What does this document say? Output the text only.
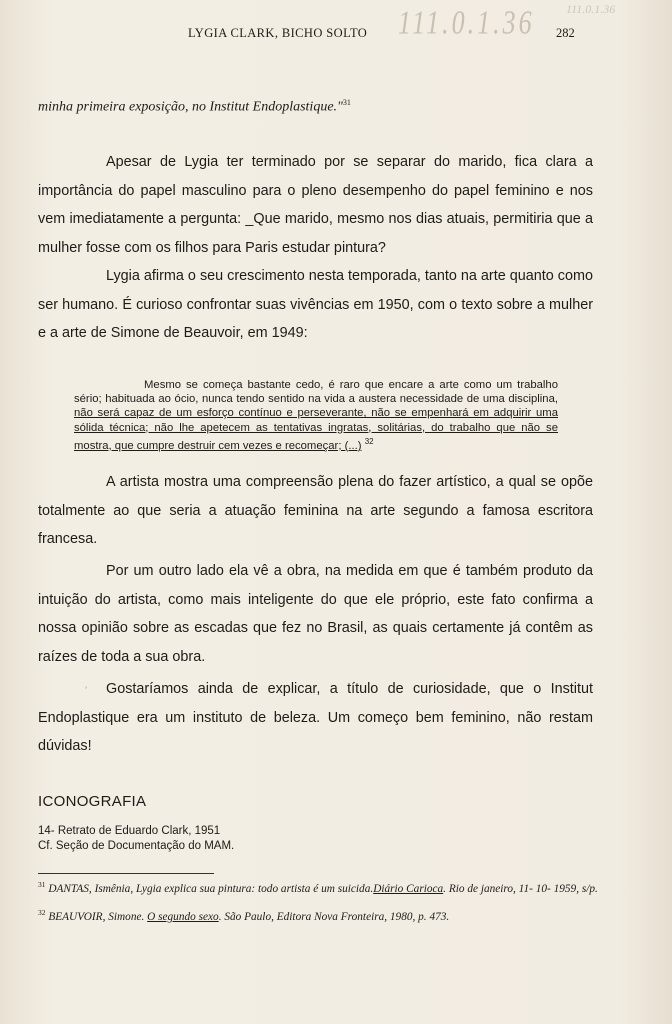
LYGIA CLARK, BICHO SOLTO	282
111.0.1.36	111.0.1.36
minha primeira exposição, no Institut Endoplastique."$^{31}$

Apesar de Lygia ter terminado por se separar do marido, fica clara a importância do papel masculino para o pleno desempenho do papel feminino e nos vem imediatamente a pergunta: _Que marido, mesmo nos dias atuais, permitiria que a mulher fosse com os filhos para Paris estudar pintura?

Lygia afirma o seu crescimento nesta temporada, tanto na arte quanto como ser humano. É curioso confrontar suas vivências em 1950, com o texto sobre a mulher e a arte de Simone de Beauvoir, em 1949:

Mesmo se começa bastante cedo, é raro que encare a arte como um trabalho sério; habituada ao ócio, nunca tendo sentido na vida a austera necessidade de uma disciplina, não será capaz de um esforço contínuo e perseverante, não se empenhará em adquirir uma sólida técnica; não lhe apetecem as tentativas ingratas, solitárias, do trabalho que não se mostra, que cumpre destruir cem vezes e recomeçar; (...) $^{32}$

A artista mostra uma compreensão plena do fazer artístico, a qual se opõe totalmente ao que seria a atuação feminina na arte segundo a famosa escritora francesa.

Por um outro lado ela vê a obra, na medida em que é também produto da intuição do artista, como mais inteligente do que ele próprio, este fato confirma a nossa opinião sobre as escadas que fez no Brasil, as quais certamente já contêm as raízes de toda a sua obra.

˒	Gostaríamos ainda de explicar, a título de curiosidade, que o Institut Endoplastique era um instituto de beleza. Um começo bem feminino, não restam dúvidas!

ICONOGRAFIA
14- Retrato de Eduardo Clark, 1951
Cf. Seção de Documentação do MAM.
$^{31}$ DANTAS, Ismênia, Lygia explica sua pintura: todo artista é um suicida.Diário Carioca. Rio de janeiro, 11- 10- 1959, s/p.
$^{32}$ BEAUVOIR, Simone. O segundo sexo. São Paulo, Editora Nova Fronteira, 1980, p. 473.
